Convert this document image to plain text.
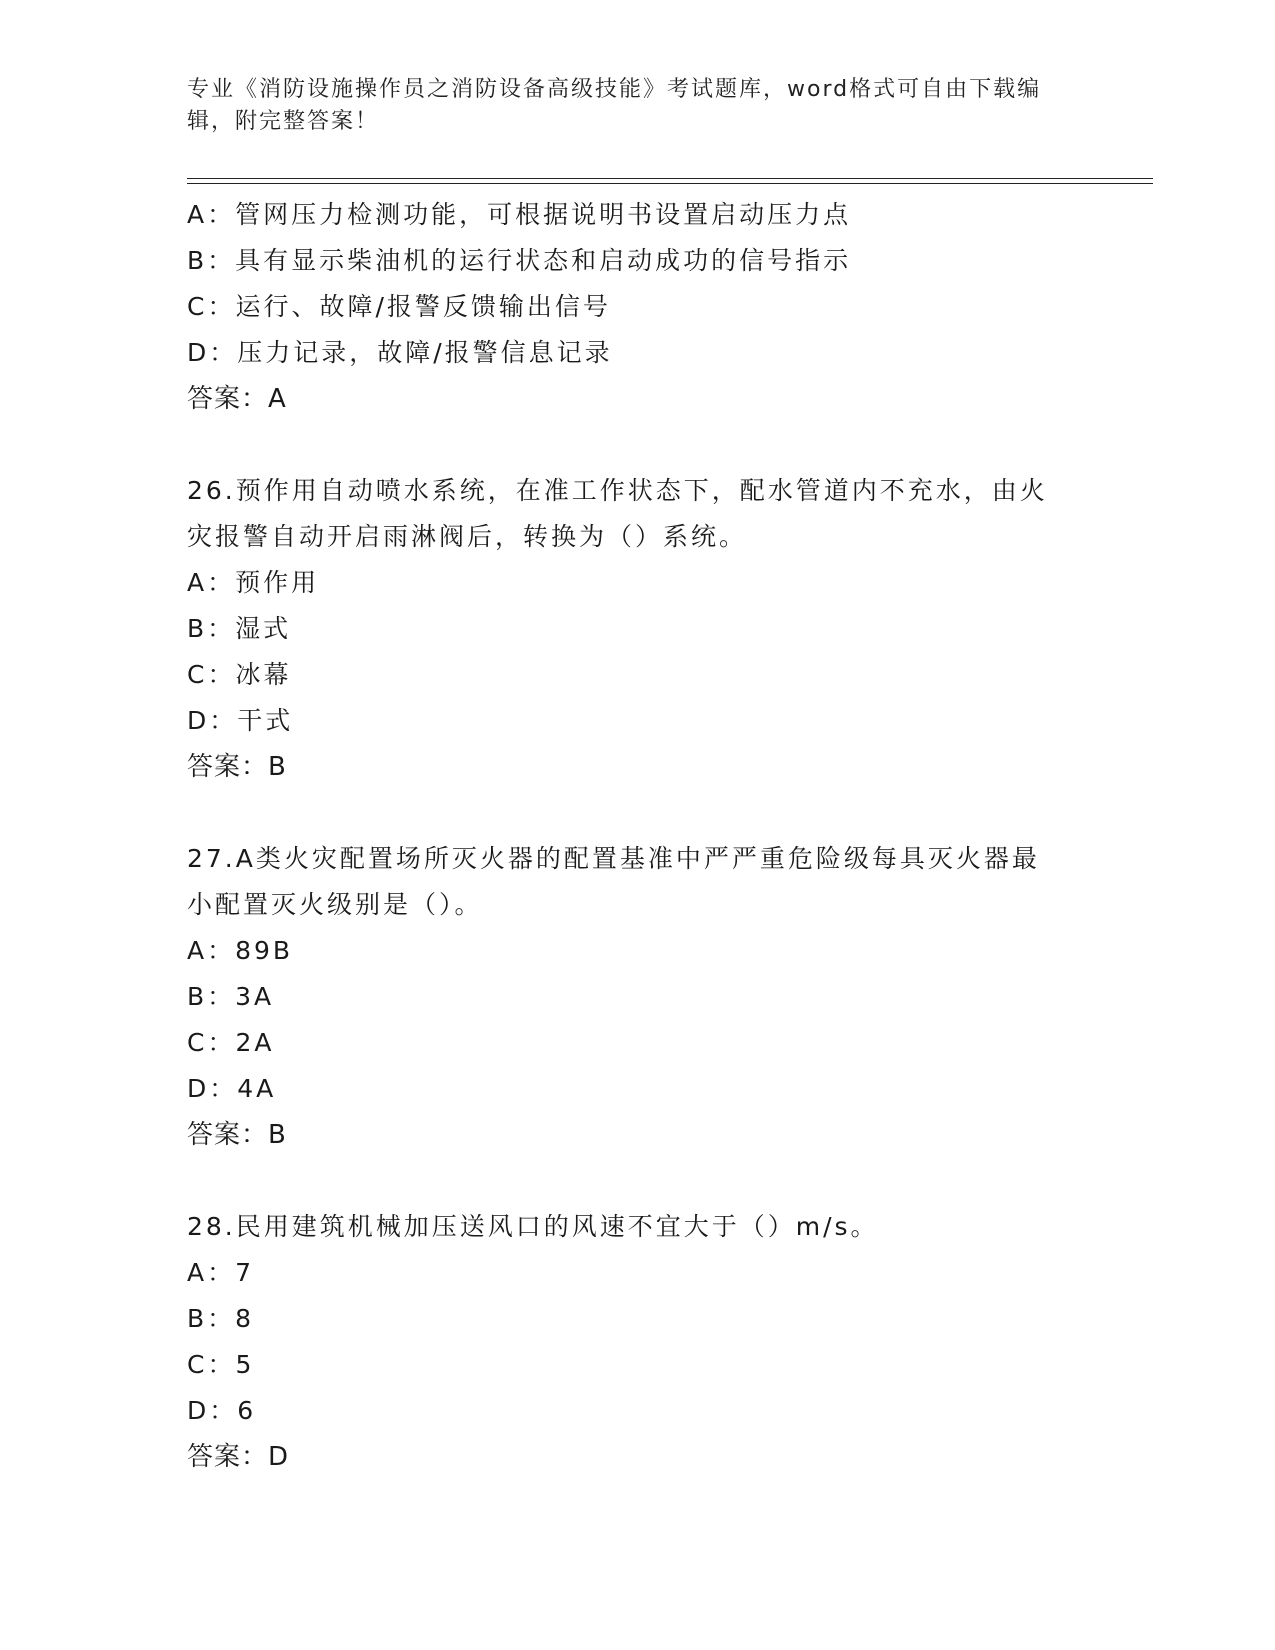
专业《消防设施操作员之消防设备高级技能》考试题库，word格式可自由下载编辑，附完整答案！
A：管网压力检测功能，可根据说明书设置启动压力点
B：具有显示柴油机的运行状态和启动成功的信号指示
C：运行、故障/报警反馈输出信号
D：压力记录，故障/报警信息记录
答案：A
26.预作用自动喷水系统，在准工作状态下，配水管道内不充水，由火灾报警自动开启雨淋阀后，转换为（）系统。
A：预作用
B：湿式
C：冰幕
D：干式
答案：B
27.A类火灾配置场所灭火器的配置基准中严严重危险级每具灭火器最小配置灭火级别是（）。
A：89B
B：3A
C：2A
D：4A
答案：B
28.民用建筑机械加压送风口的风速不宜大于（）m/s。
A：7
B：8
C：5
D：6
答案：D
